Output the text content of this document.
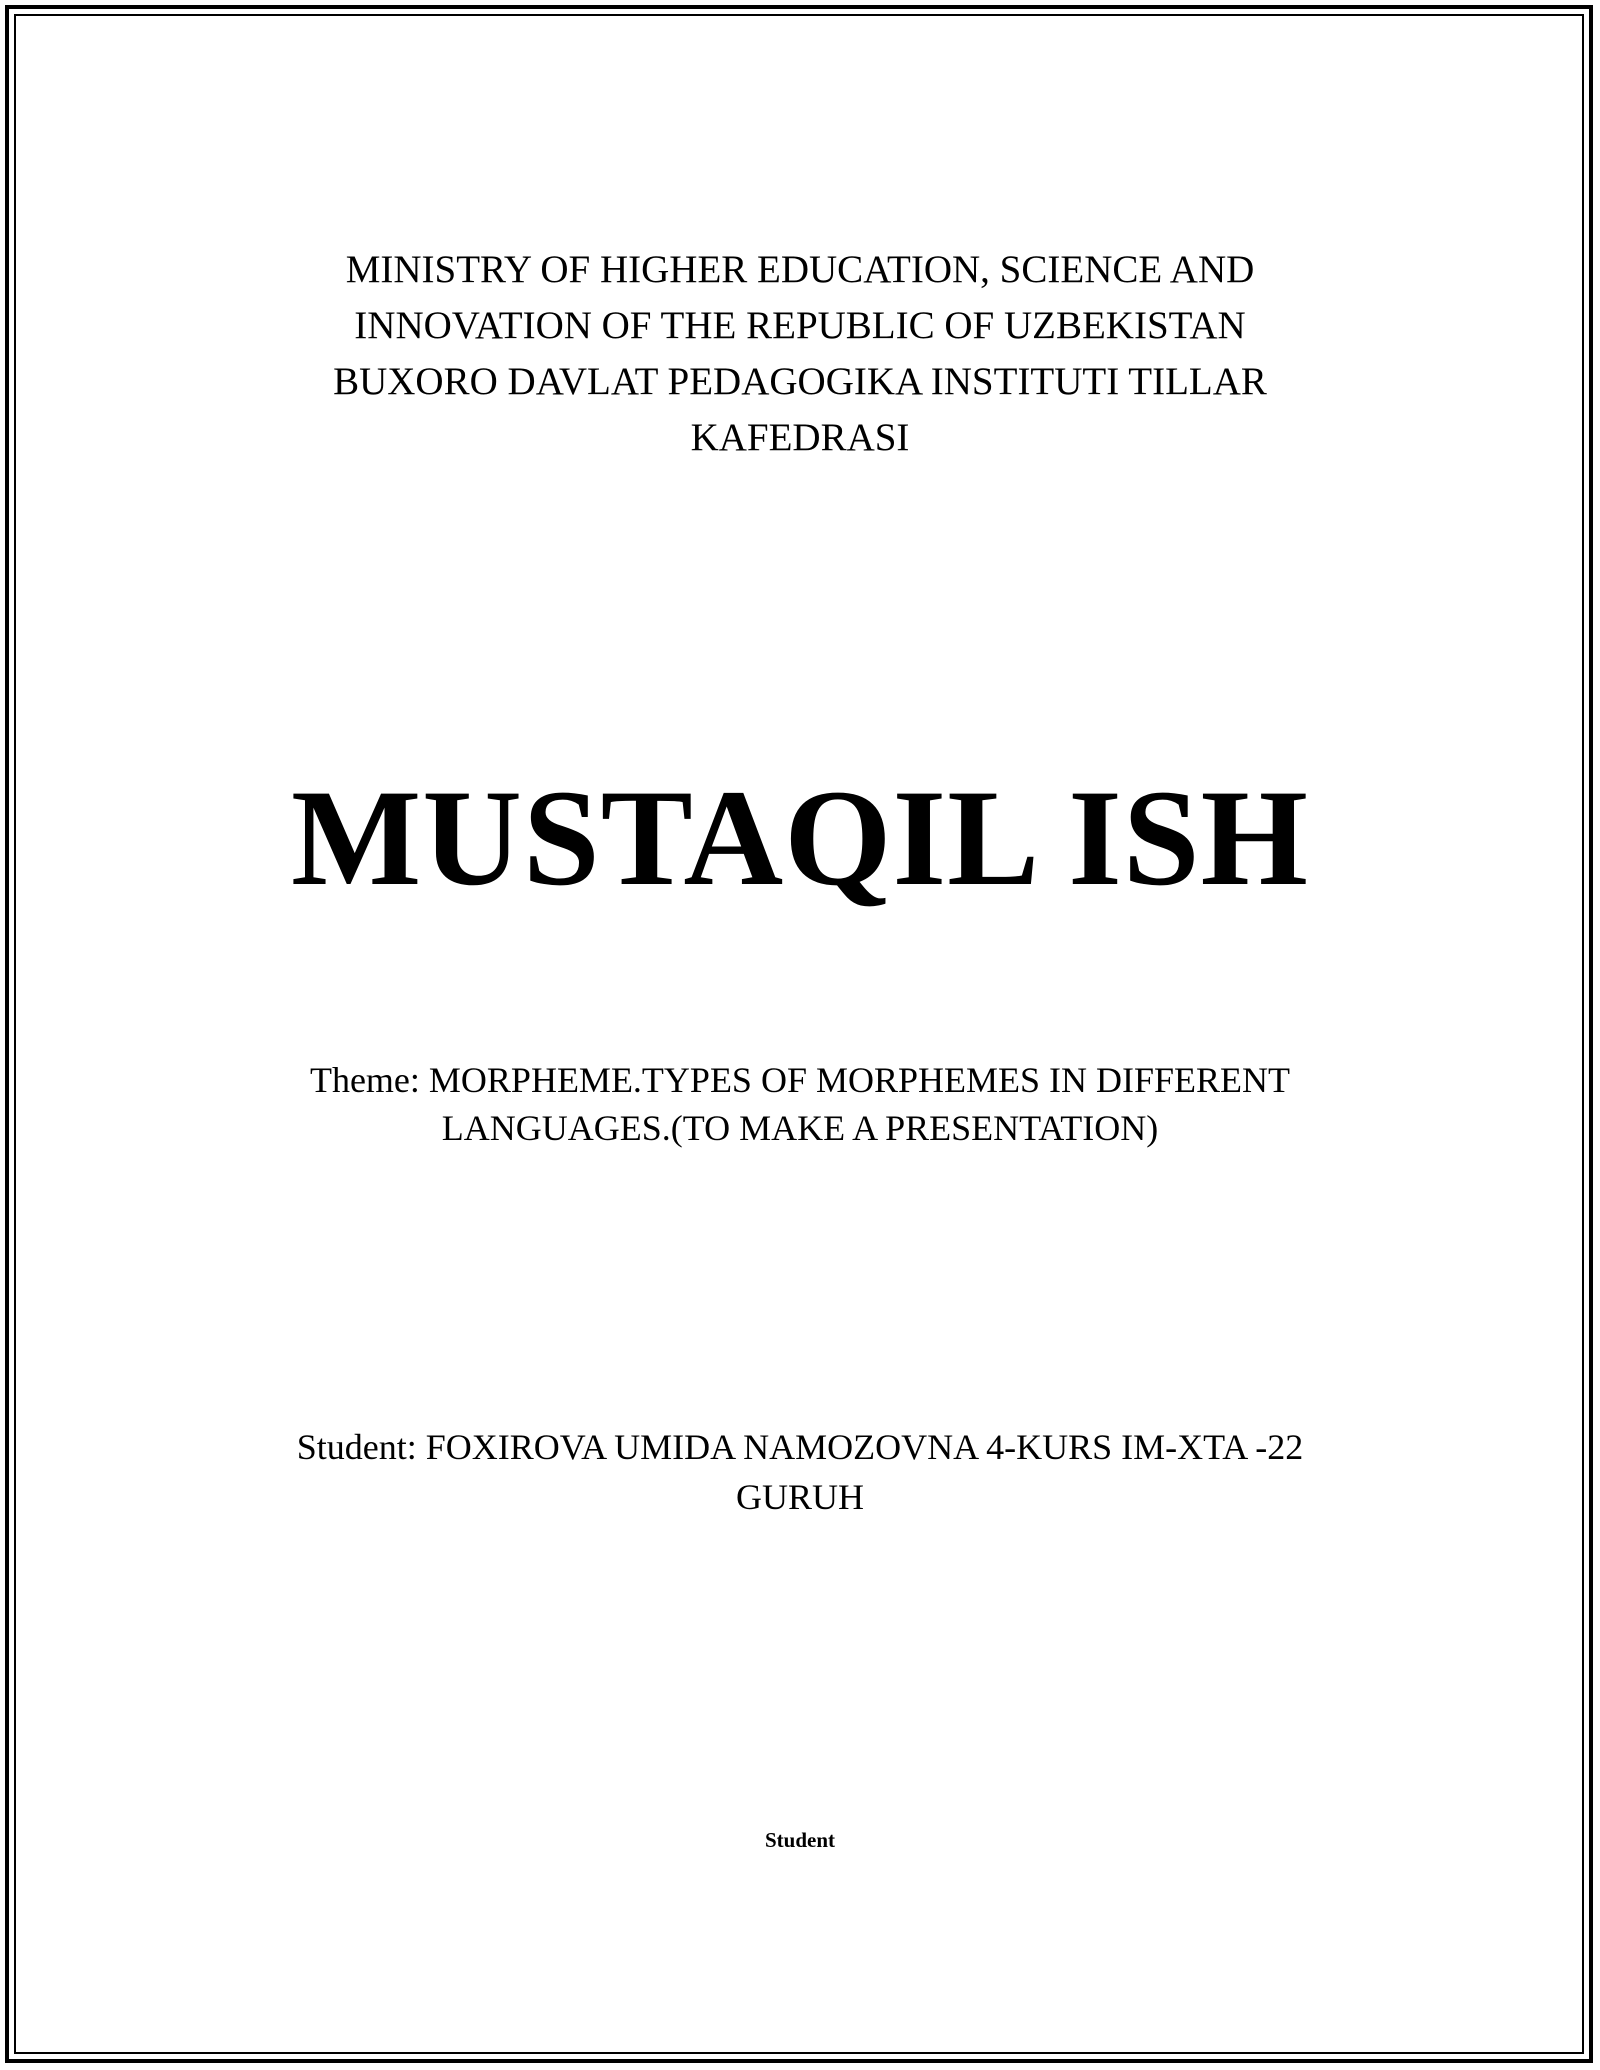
MINISTRY OF HIGHER EDUCATION, SCIENCE AND
INNOVATION OF THE REPUBLIC OF UZBEKISTAN
BUXORO DAVLAT PEDAGOGIKA INSTITUTI TILLAR
KAFEDRASI
MUSTAQIL ISH
Theme: MORPHEME.TYPES OF MORPHEMES IN DIFFERENT
LANGUAGES.(TO MAKE A PRESENTATION)
Student: FOXIROVA UMIDA NAMOZOVNA 4-KURS IM-XTA -22
GURUH
Student
